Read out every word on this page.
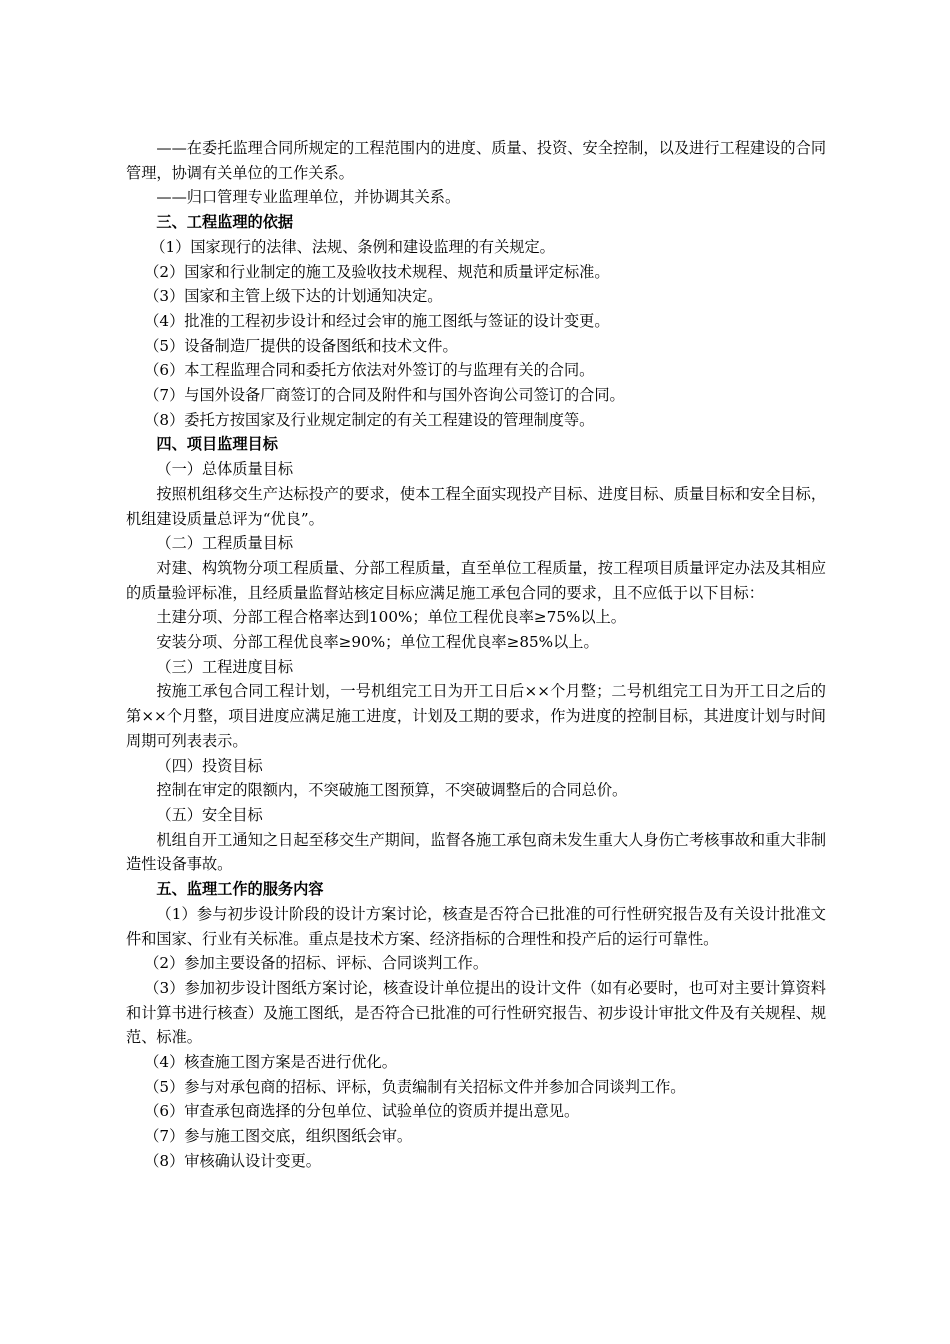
——在委托监理合同所规定的工程范围内的进度、质量、投资、安全控制，以及进行工程建设的合同管理，协调有关单位的工作关系。

——归口管理专业监理单位，并协调其关系。

三、工程监理的依据

（1）国家现行的法律、法规、条例和建设监理的有关规定。

（2）国家和行业制定的施工及验收技术规程、规范和质量评定标准。

（3）国家和主管上级下达的计划通知决定。

（4）批准的工程初步设计和经过会审的施工图纸与签证的设计变更。

（5）设备制造厂提供的设备图纸和技术文件。

（6）本工程监理合同和委托方依法对外签订的与监理有关的合同。

（7）与国外设备厂商签订的合同及附件和与国外咨询公司签订的合同。

（8）委托方按国家及行业规定制定的有关工程建设的管理制度等。

四、项目监理目标

（一）总体质量目标

按照机组移交生产达标投产的要求，使本工程全面实现投产目标、进度目标、质量目标和安全目标，机组建设质量总评为“优良”。

（二）工程质量目标

对建、构筑物分项工程质量、分部工程质量，直至单位工程质量，按工程项目质量评定办法及其相应的质量验评标准，且经质量监督站核定目标应满足施工承包合同的要求，且不应低于以下目标：

土建分项、分部工程合格率达到100%；单位工程优良率≥75%以上。

安装分项、分部工程优良率≥90%；单位工程优良率≥85%以上。

（三）工程进度目标

按施工承包合同工程计划，一号机组完工日为开工日后××个月整；二号机组完工日为开工日之后的第××个月整，项目进度应满足施工进度，计划及工期的要求，作为进度的控制目标，其进度计划与时间周期可列表表示。

（四）投资目标

控制在审定的限额内，不突破施工图预算，不突破调整后的合同总价。

（五）安全目标

机组自开工通知之日起至移交生产期间，监督各施工承包商未发生重大人身伤亡考核事故和重大非制造性设备事故。

五、监理工作的服务内容

（1）参与初步设计阶段的设计方案讨论，核查是否符合已批准的可行性研究报告及有关设计批准文件和国家、行业有关标准。重点是技术方案、经济指标的合理性和投产后的运行可靠性。

（2）参加主要设备的招标、评标、合同谈判工作。

（3）参加初步设计图纸方案讨论，核查设计单位提出的设计文件（如有必要时，也可对主要计算资料和计算书进行核查）及施工图纸，是否符合已批准的可行性研究报告、初步设计审批文件及有关规程、规范、标准。

（4）核查施工图方案是否进行优化。

（5）参与对承包商的招标、评标，负责编制有关招标文件并参加合同谈判工作。

（6）审查承包商选择的分包单位、试验单位的资质并提出意见。

（7）参与施工图交底，组织图纸会审。

（8）审核确认设计变更。
